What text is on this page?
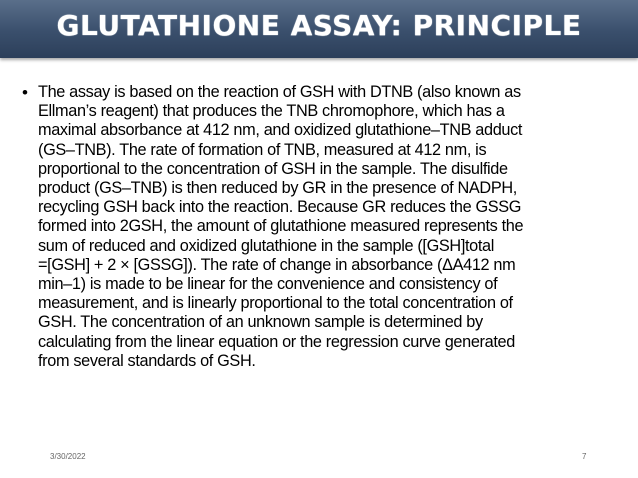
GLUTATHIONE ASSAY: PRINCIPLE
• The assay is based on the reaction of GSH with DTNB (also known as
Ellman’s reagent) that produces the TNB chromophore, which has a
maximal absorbance at 412 nm, and oxidized glutathione–TNB adduct
(GS–TNB). The rate of formation of TNB, measured at 412 nm, is
proportional to the concentration of GSH in the sample. The disulfide
product (GS–TNB) is then reduced by GR in the presence of NADPH,
recycling GSH back into the reaction. Because GR reduces the GSSG
formed into 2GSH, the amount of glutathione measured represents the
sum of reduced and oxidized glutathione in the sample ([GSH]total
=[GSH] + 2 × [GSSG]). The rate of change in absorbance (ΔA412 nm
min–1) is made to be linear for the convenience and consistency of
measurement, and is linearly proportional to the total concentration of
GSH. The concentration of an unknown sample is determined by
calculating from the linear equation or the regression curve generated
from several standards of GSH.
3/30/2022	7
